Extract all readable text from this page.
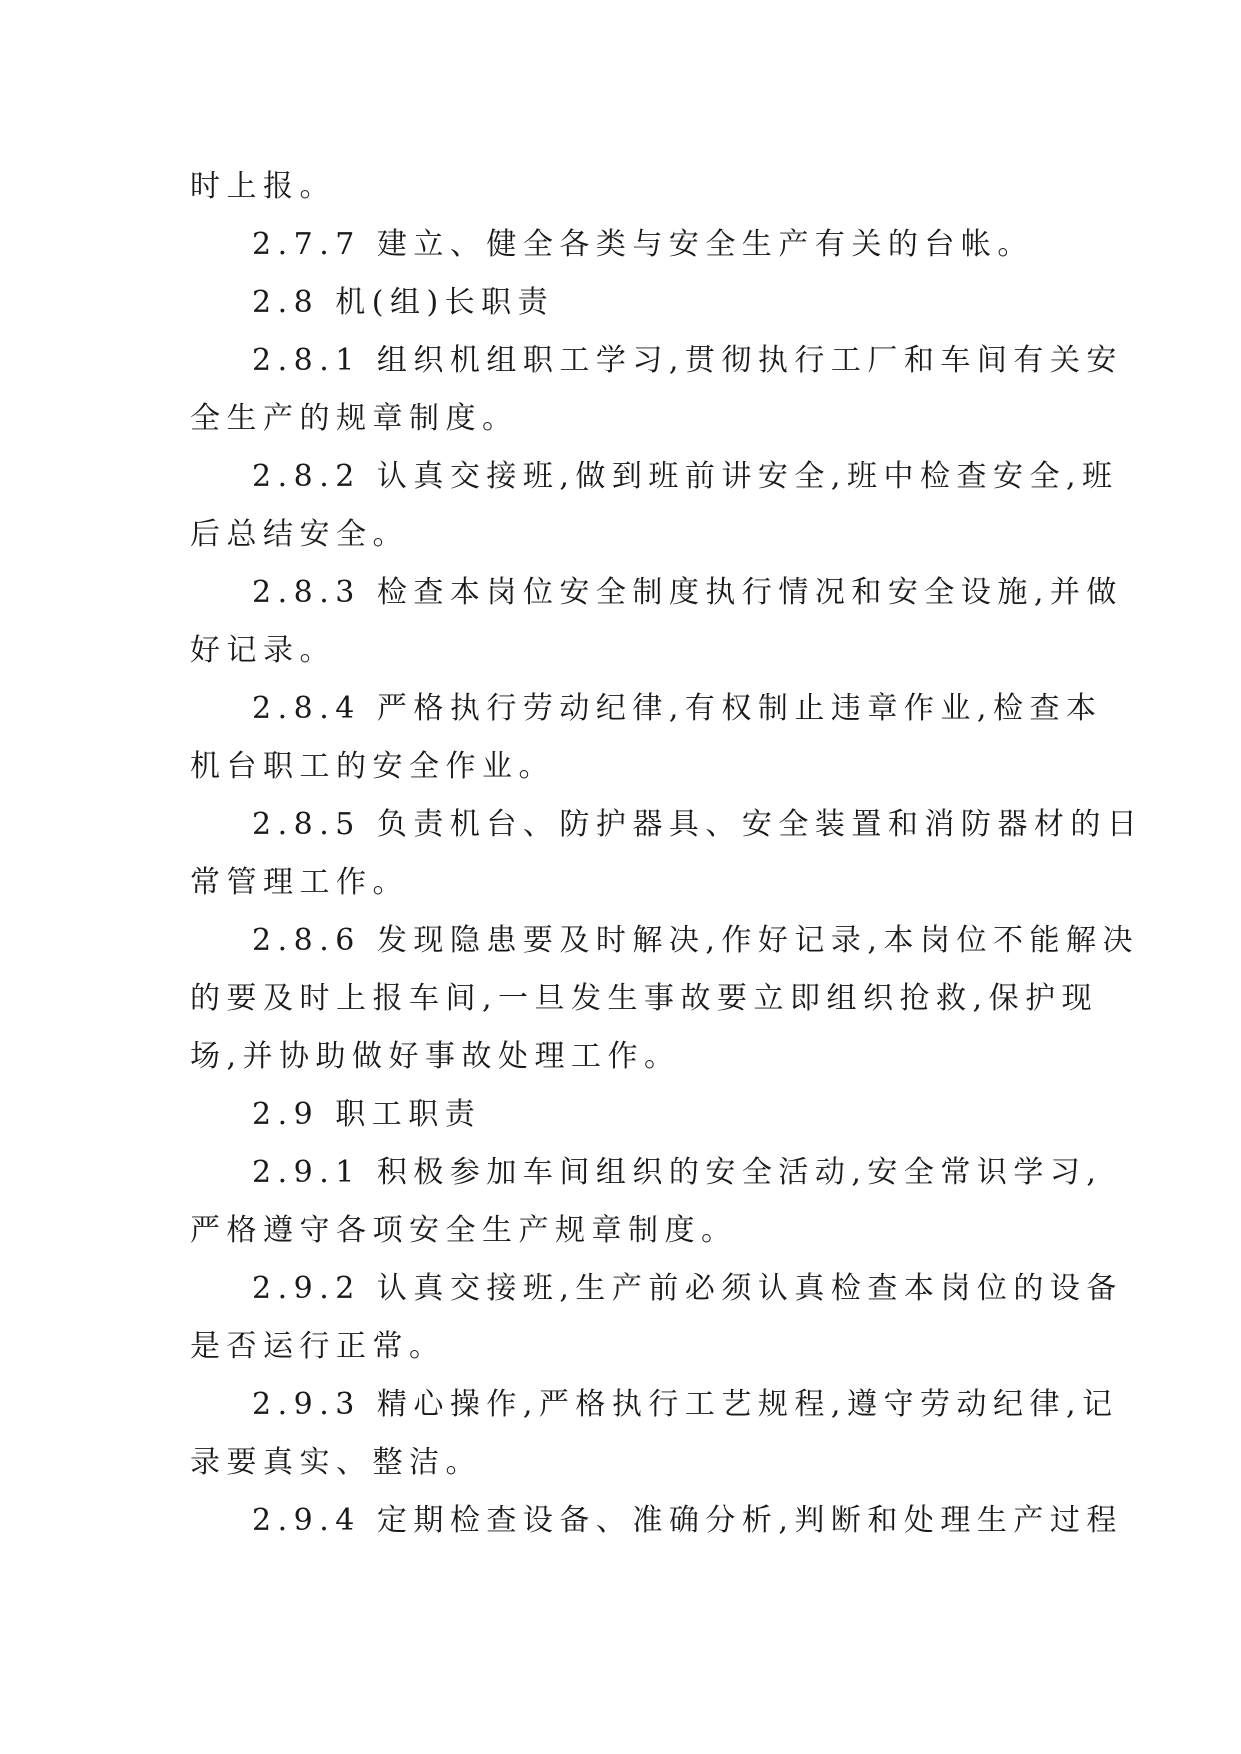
时上报。
2.7.7 建立、健全各类与安全生产有关的台帐。
2.8 机(组)长职责
2.8.1 组织机组职工学习,贯彻执行工厂和车间有关安
全生产的规章制度。
2.8.2 认真交接班,做到班前讲安全,班中检查安全,班
后总结安全。
2.8.3 检查本岗位安全制度执行情况和安全设施,并做
好记录。
2.8.4 严格执行劳动纪律,有权制止违章作业,检查本
机台职工的安全作业。
2.8.5 负责机台、防护器具、安全装置和消防器材的日
常管理工作。
2.8.6 发现隐患要及时解决,作好记录,本岗位不能解决
的要及时上报车间,一旦发生事故要立即组织抢救,保护现
场,并协助做好事故处理工作。
2.9 职工职责
2.9.1 积极参加车间组织的安全活动,安全常识学习,
严格遵守各项安全生产规章制度。
2.9.2 认真交接班,生产前必须认真检查本岗位的设备
是否运行正常。
2.9.3 精心操作,严格执行工艺规程,遵守劳动纪律,记
录要真实、整洁。
2.9.4 定期检查设备、准确分析,判断和处理生产过程
